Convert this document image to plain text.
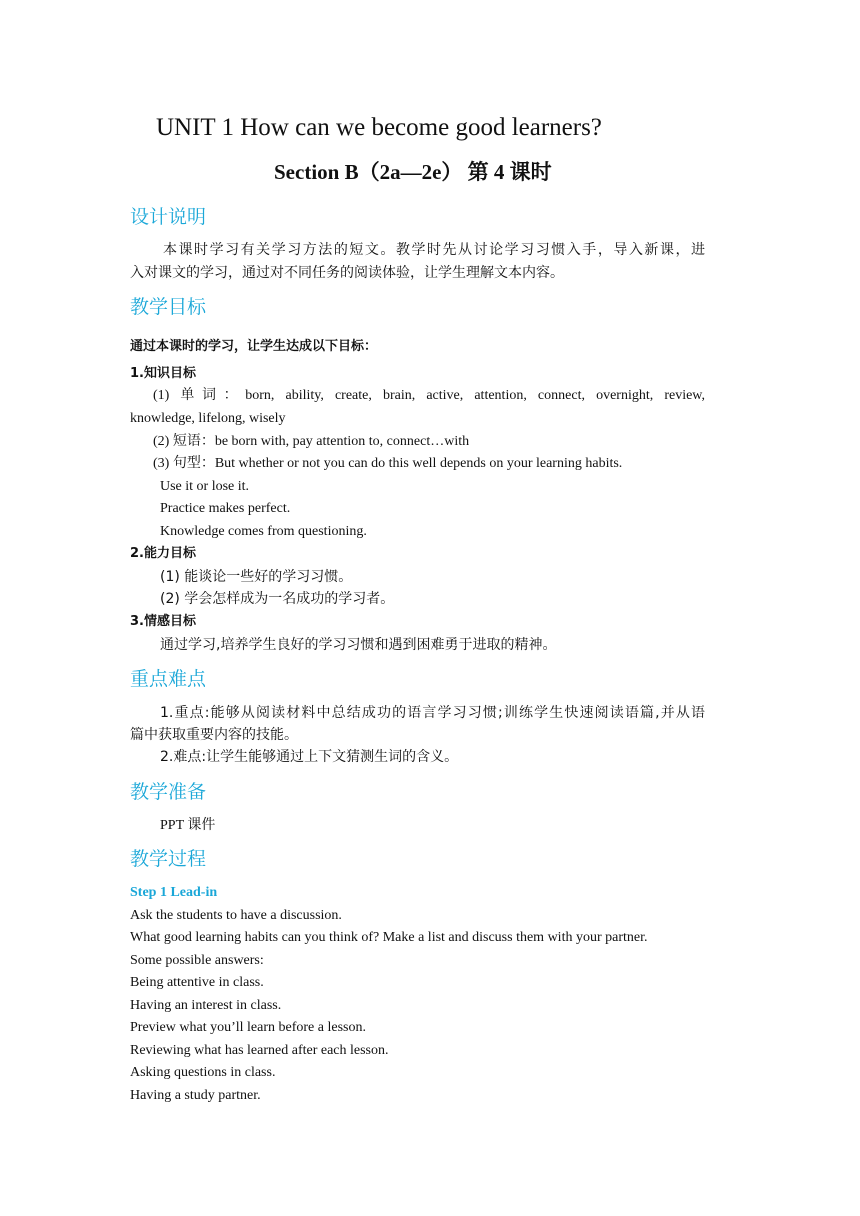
UNIT 1 How can we become good learners?
Section B（2a—2e） 第 4 课时
设计说明
本课时学习有关学习方法的短文。教学时先从讨论学习习惯入手，导入新课，进
入对课文的学习，通过对不同任务的阅读体验，让学生理解文本内容。
教学目标
通过本课时的学习，让学生达成以下目标：
1.知识目标
(1) 单词：born, ability, create, brain, active, attention, connect, overnight, review,
knowledge, lifelong, wisely
(2) 短语：be born with, pay attention to, connect…with
(3) 句型：But whether or not you can do this well depends on your learning habits.
Use it or lose it.
Practice makes perfect.
Knowledge comes from questioning.
2.能力目标
(1) 能谈论一些好的学习习惯。
(2) 学会怎样成为一名成功的学习者。
3.情感目标
通过学习,培养学生良好的学习习惯和遇到困难勇于进取的精神。
重点难点
1.重点:能够从阅读材料中总结成功的语言学习习惯;训练学生快速阅读语篇,并从语
篇中获取重要内容的技能。
2.难点:让学生能够通过上下文猜测生词的含义。
教学准备
PPT 课件
教学过程
Step 1 Lead-in
Ask the students to have a discussion.
What good learning habits can you think of? Make a list and discuss them with your partner.
Some possible answers:
Being attentive in class.
Having an interest in class.
Preview what you’ll learn before a lesson.
Reviewing what has learned after each lesson.
Asking questions in class.
Having a study partner.
